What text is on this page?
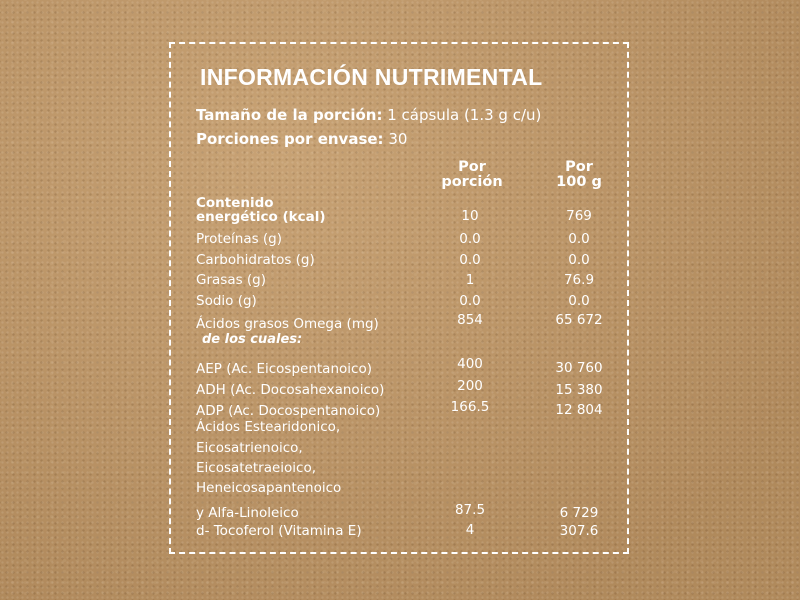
INFORMACIÓN NUTRIMENTAL
Tamaño de la porción: 1 cápsula (1.3 g c/u)
Porciones por envase: 30
Por
porción
Por
100 g
Contenido
energético (kcal)	10	769
Proteínas (g)	0.0	0.0
Carbohidratos (g)	0.0	0.0
Grasas (g)	1	76.9
Sodio (g)	0.0	0.0
Ácidos grasos Omega (mg)	854	65 672
de los cuales:
AEP (Ac. Eicospentanoico)	400	30 760
ADH (Ac. Docosahexanoico)	200	15 380
ADP (Ac. Docospentanoico)	166.5	12 804
Ácidos Estearidonico,
Eicosatrienoico,
Eicosatetraeioico,
Heneicosapantenoico
y Alfa-Linoleico	87.5	6 729
d- Tocoferol (Vitamina E)	4	307.6
